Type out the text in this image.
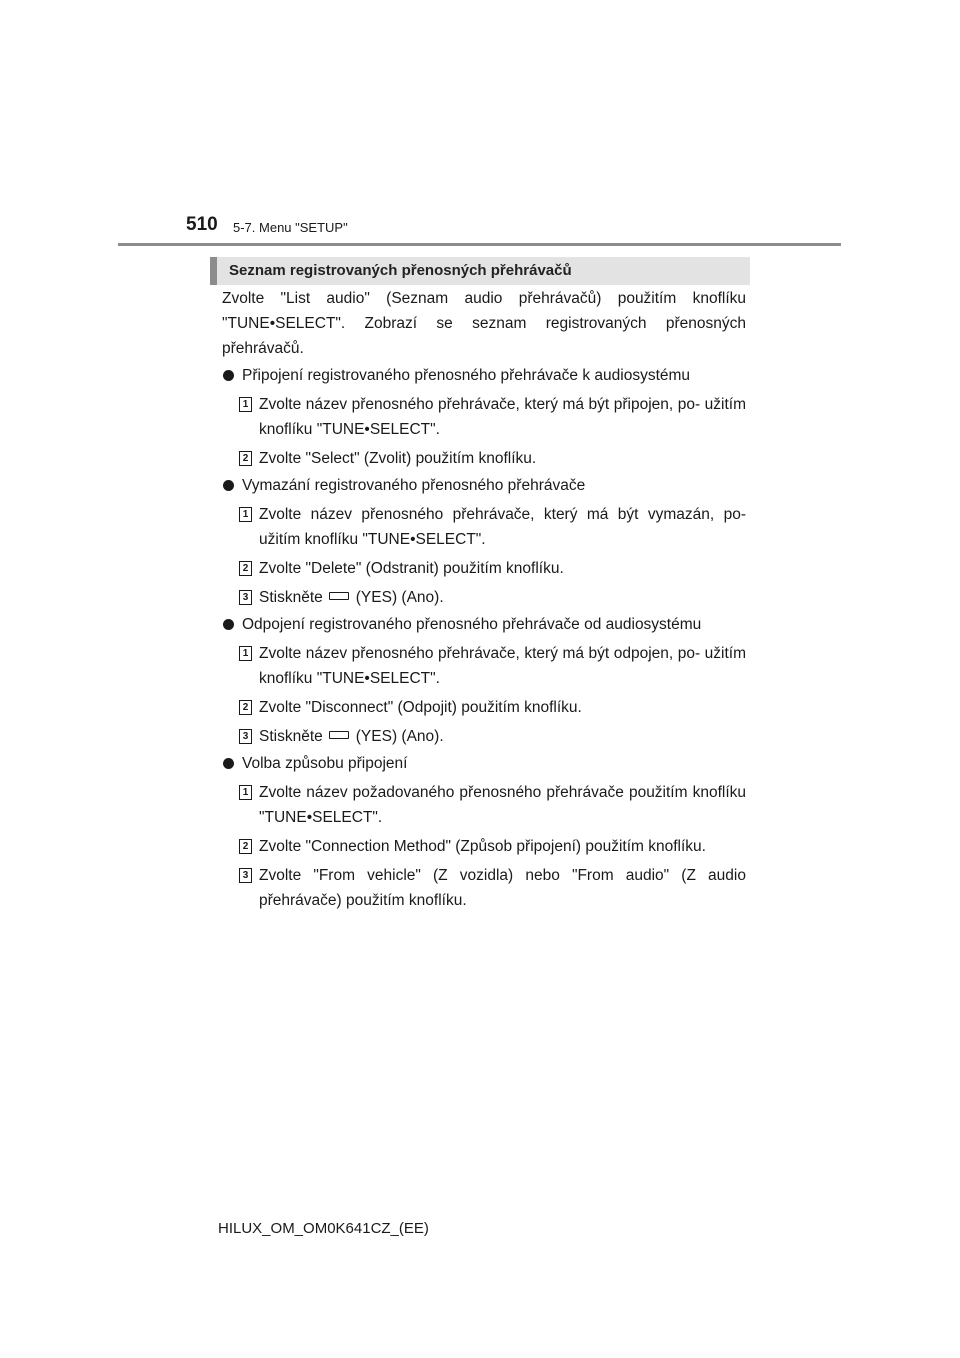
510 5-7. Menu "SETUP"
Seznam registrovaných přenosných přehrávačů

Zvolte "List audio" (Seznam audio přehrávačů) použitím knoflíku "TUNE•SELECT". Zobrazí se seznam registrovaných přenosných přehrávačů.

Připojení registrovaného přenosného přehrávače k audiosystému

1 Zvolte název přenosného přehrávače, který má být připojen, po- užitím knoflíku "TUNE•SELECT".

2 Zvolte "Select" (Zvolit) použitím knoflíku.

Vymazání registrovaného přenosného přehrávače

1 Zvolte název přenosného přehrávače, který má být vymazán, po- užitím knoflíku "TUNE•SELECT".

2 Zvolte "Delete" (Odstranit) použitím knoflíku.

3 Stiskněte (YES) (Ano).

Odpojení registrovaného přenosného přehrávače od audiosystému

1 Zvolte název přenosného přehrávače, který má být odpojen, po- užitím knoflíku "TUNE•SELECT".

2 Zvolte "Disconnect" (Odpojit) použitím knoflíku.

3 Stiskněte (YES) (Ano).

Volba způsobu připojení

1 Zvolte název požadovaného přenosného přehrávače použitím knoflíku "TUNE•SELECT".

2 Zvolte "Connection Method" (Způsob připojení) použitím knoflíku.

3 Zvolte "From vehicle" (Z vozidla) nebo "From audio" (Z audio přehrávače) použitím knoflíku.

HILUX_OM_OM0K641CZ_(EE)
